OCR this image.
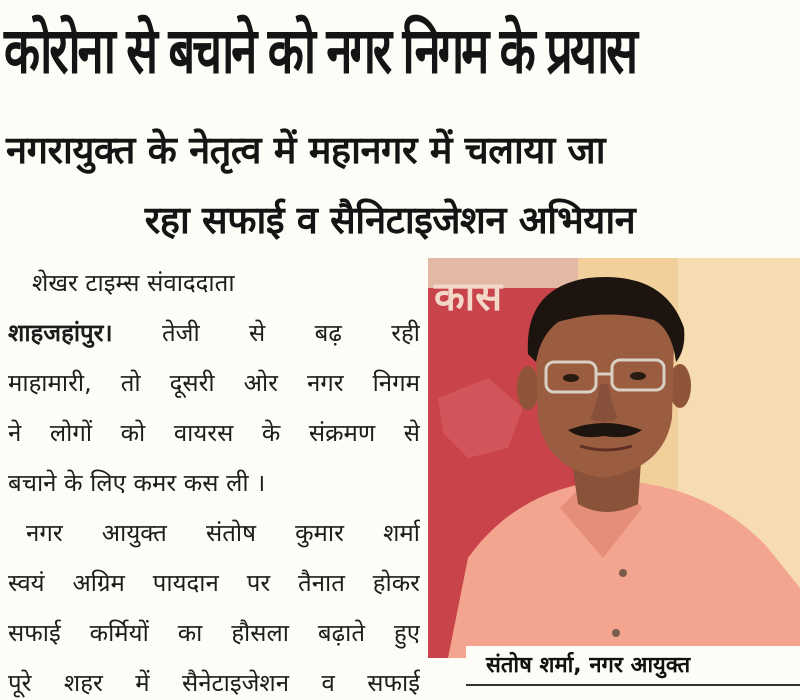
कोरोना से बचाने को नगर निगम के प्रयास
नगरायुक्त के नेतृत्व में महानगर में चलाया जा
रहा सफाई व सैनिटाइजेशन अभियान
शेखर टाइम्स संवाददाता
शाहजहांपुर। तेजी से बढ़ रही
माहामारी, तो दूसरी ओर नगर निगम
ने लोगों को वायरस के संक्रमण से
बचाने के लिए कमर कस ली ।
नगर आयुक्त संतोष कुमार शर्मा
स्वयं अग्रिम पायदान पर तैनात होकर
सफाई कर्मियों का हौसला बढ़ाते हुए
पूरे शहर में सैनेटाइजेशन व सफाई
कास
संतोष शर्मा, नगर आयुक्त
